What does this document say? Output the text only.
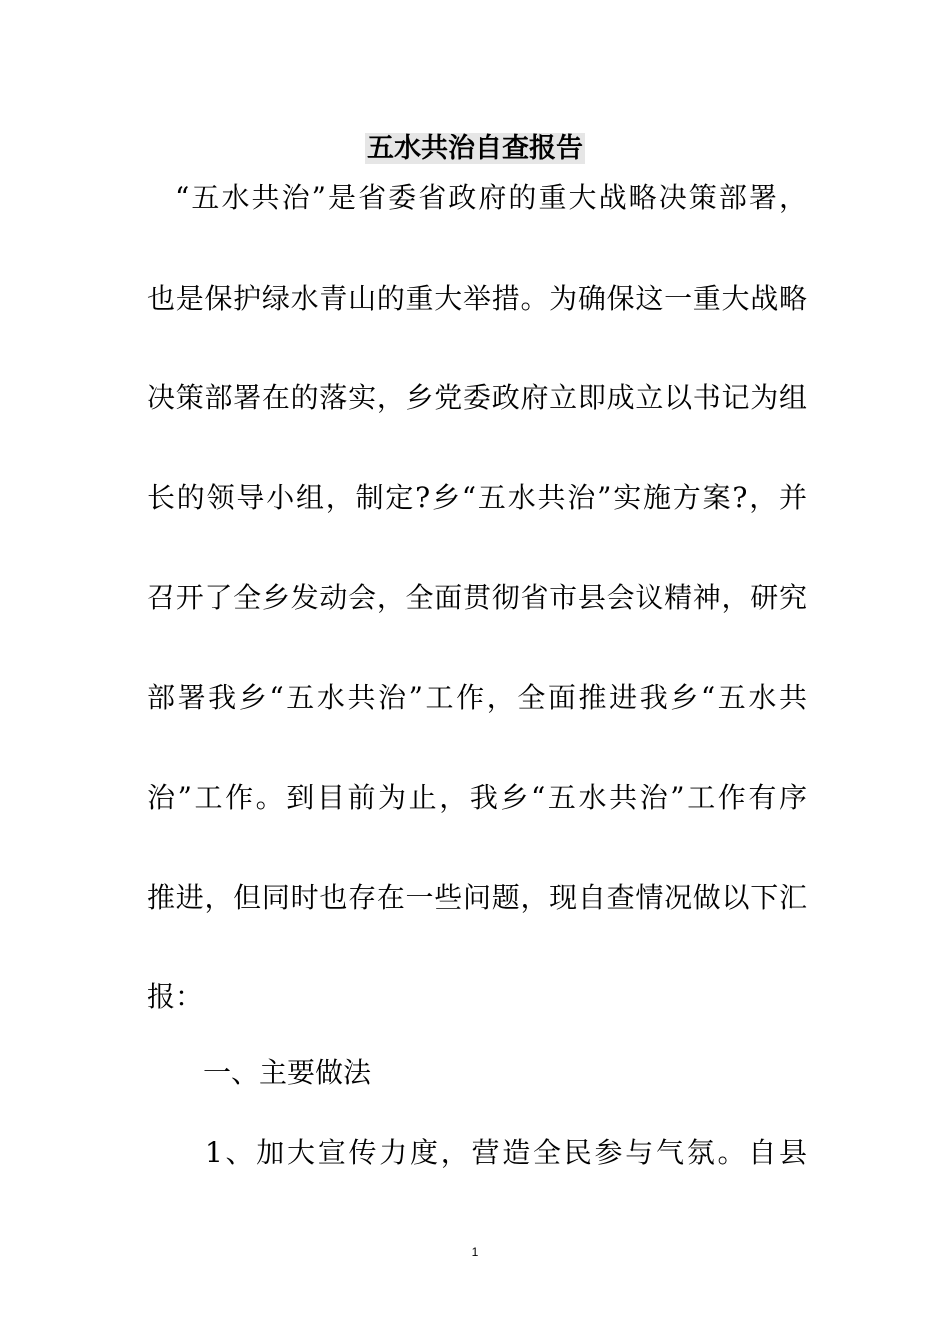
五水共治自查报告
“五水共治”是省委省政府的重大战略决策部署，
也是保护绿水青山的重大举措。为确保这一重大战略
决策部署在的落实，乡党委政府立即成立以书记为组
长的领导小组，制定?乡“五水共治”实施方案?，并
召开了全乡发动会，全面贯彻省市县会议精神，研究
部署我乡“五水共治”工作，全面推进我乡“五水共
治”工作。到目前为止，我乡“五水共治”工作有序
推进，但同时也存在一些问题，现自查情况做以下汇
报：
一、主要做法
1、加大宣传力度，营造全民参与气氛。自县
1
